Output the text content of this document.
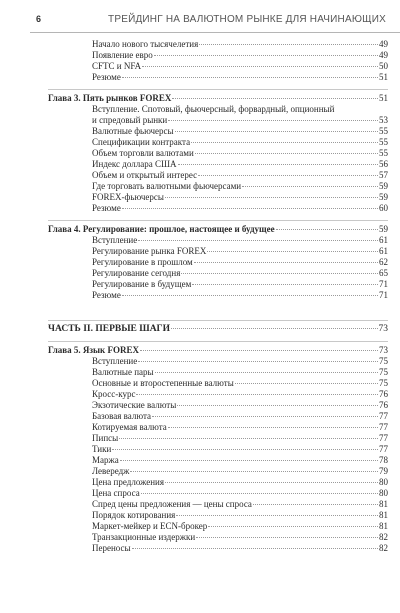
6	ТРЕЙДИНГ НА ВАЛЮТНОМ РЫНКЕ ДЛЯ НАЧИНАЮЩИХ
Начало нового тысячелетия	49
Появление евро	49
CFTC и NFA	50
Резюме	51
Глава 3. Пять рынков FOREX	51
Вступление. Спотовый, фьючерсный, форвардный, опционный
и спредовый рынки	53
Валютные фьючерсы	55
Спецификации контракта	55
Объем торговли валютами	55
Индекс доллара США	56
Объем и открытый интерес	57
Где торговать валютными фьючерсами	59
FOREX-фьючерсы	59
Резюме	60
Глава 4. Регулирование: прошлое, настоящее и будущее	59
Вступление	61
Регулирование рынка FOREX	61
Регулирование в прошлом	62
Регулирование сегодня	65
Регулирование в будущем	71
Резюме	71
ЧАСТЬ II. ПЕРВЫЕ ШАГИ	73
Глава 5. Язык FOREX	73
Вступление	75
Валютные пары	75
Основные и второстепенные валюты	75
Кросс-курс	76
Экзотические валюты	76
Базовая валюта	77
Котируемая валюта	77
Пипсы	77
Тики	77
Маржа	78
Левередж	79
Цена предложения	80
Цена спроса	80
Спред цены предложения — цены спроса	81
Порядок котирования	81
Маркет-мейкер и ECN-брокер	81
Транзакционные издержки	82
Переносы	82
